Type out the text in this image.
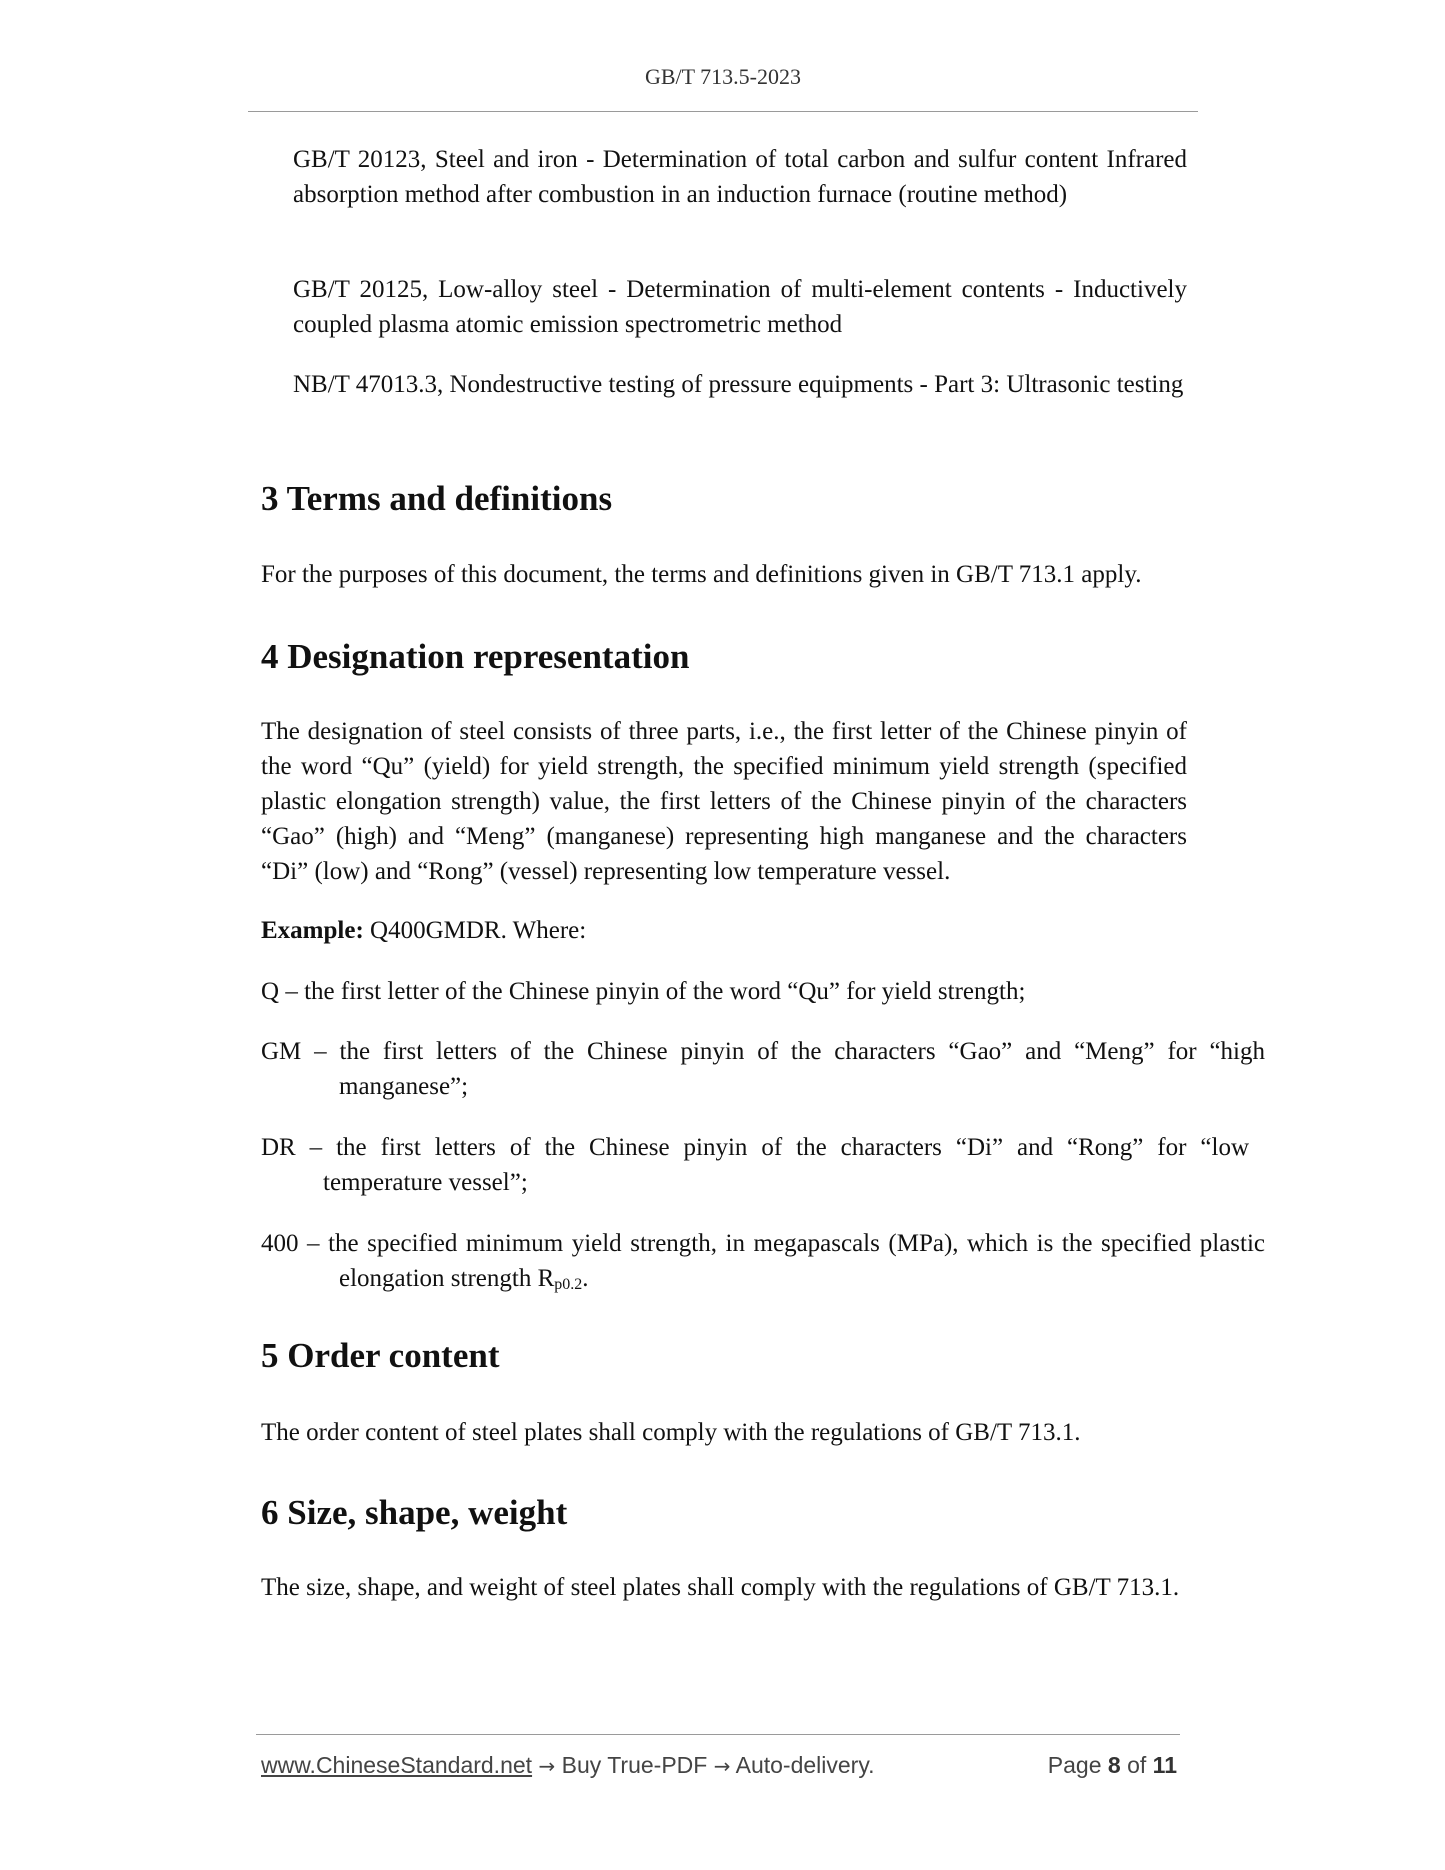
GB/T 713.5-2023

GB/T 20123, Steel and iron - Determination of total carbon and sulfur content Infrared absorption method after combustion in an induction furnace (routine method)

GB/T 20125, Low-alloy steel - Determination of multi-element contents - Inductively coupled plasma atomic emission spectrometric method

NB/T 47013.3, Nondestructive testing of pressure equipments - Part 3: Ultrasonic testing

3 Terms and definitions

For the purposes of this document, the terms and definitions given in GB/T 713.1 apply.

4 Designation representation

The designation of steel consists of three parts, i.e., the first letter of the Chinese pinyin of the word “Qu” (yield) for yield strength, the specified minimum yield strength (specified plastic elongation strength) value, the first letters of the Chinese pinyin of the characters “Gao” (high) and “Meng” (manganese) representing high manganese and the characters “Di” (low) and “Rong” (vessel) representing low temperature vessel.

Example: Q400GMDR. Where:

Q – the first letter of the Chinese pinyin of the word “Qu” for yield strength;

GM – the first letters of the Chinese pinyin of the characters “Gao” and “Meng” for “high manganese”;

DR – the first letters of the Chinese pinyin of the characters “Di” and “Rong” for “low temperature vessel”;

400 – the specified minimum yield strength, in megapascals (MPa), which is the specified plastic elongation strength $R_{p0.2}$.

5 Order content

The order content of steel plates shall comply with the regulations of GB/T 713.1.

6 Size, shape, weight

The size, shape, and weight of steel plates shall comply with the regulations of GB/T 713.1.

www.ChineseStandard.net → Buy True-PDF → Auto-delivery.	Page 8 of 11
